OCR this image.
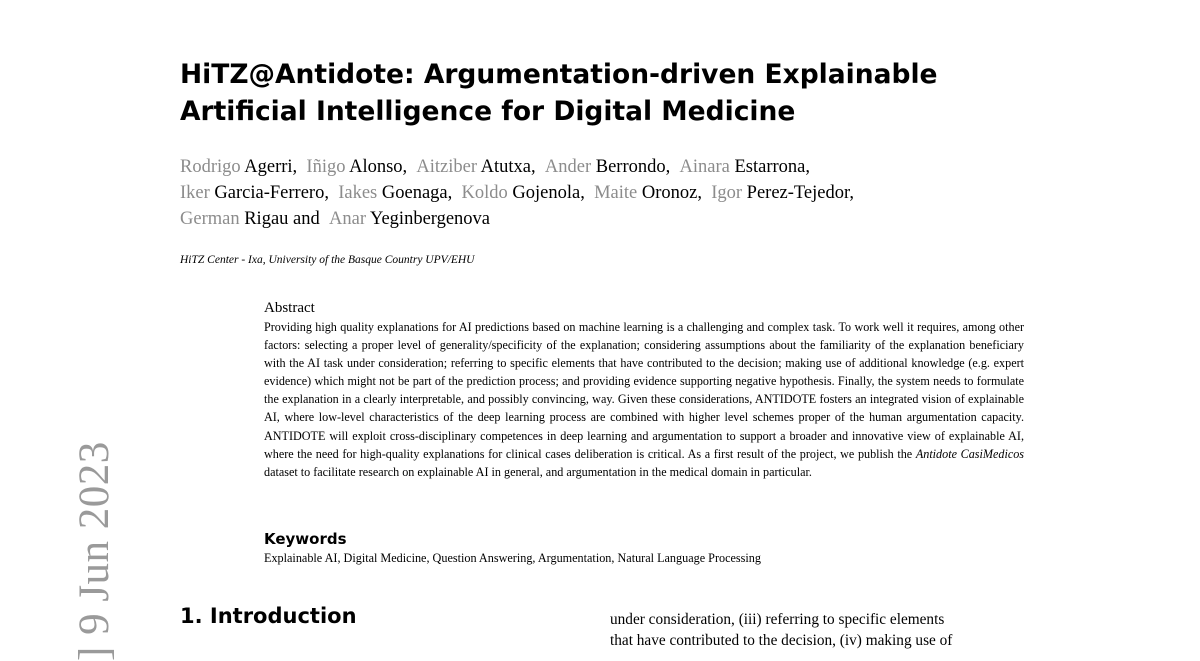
] 9 Jun 2023
HiTZ@Antidote: Argumentation-driven Explainable
Artificial Intelligence for Digital Medicine
Rodrigo Agerri, Iñigo Alonso, Aitziber Atutxa, Ander Berrondo, Ainara Estarrona,
Iker Garcia-Ferrero, Iakes Goenaga, Koldo Gojenola, Maite Oronoz, Igor Perez-Tejedor,
German Rigau and Anar Yeginbergenova
HiTZ Center - Ixa, University of the Basque Country UPV/EHU
Abstract

Providing high quality explanations for AI predictions based on machine learning is a challenging and complex task. To work well it requires, among other factors: selecting a proper level of generality/specificity of the explanation; considering assumptions about the familiarity of the explanation beneficiary with the AI task under consideration; referring to specific elements that have contributed to the decision; making use of additional knowledge (e.g. expert evidence) which might not be part of the prediction process; and providing evidence supporting negative hypothesis. Finally, the system needs to formulate the explanation in a clearly interpretable, and possibly convincing, way. Given these considerations, ANTIDOTE fosters an integrated vision of explainable AI, where low-level characteristics of the deep learning process are combined with higher level schemes proper of the human argumentation capacity. ANTIDOTE will exploit cross-disciplinary competences in deep learning and argumentation to support a broader and innovative view of explainable AI, where the need for high-quality explanations for clinical cases deliberation is critical. As a first result of the project, we publish the Antidote CasiMedicos dataset to facilitate research on explainable AI in general, and argumentation in the medical domain in particular.

Keywords
Explainable AI, Digital Medicine, Question Answering, Argumentation, Natural Language Processing
1. Introduction	under consideration, (iii) referring to specific elements
that have contributed to the decision, (iv) making use of
